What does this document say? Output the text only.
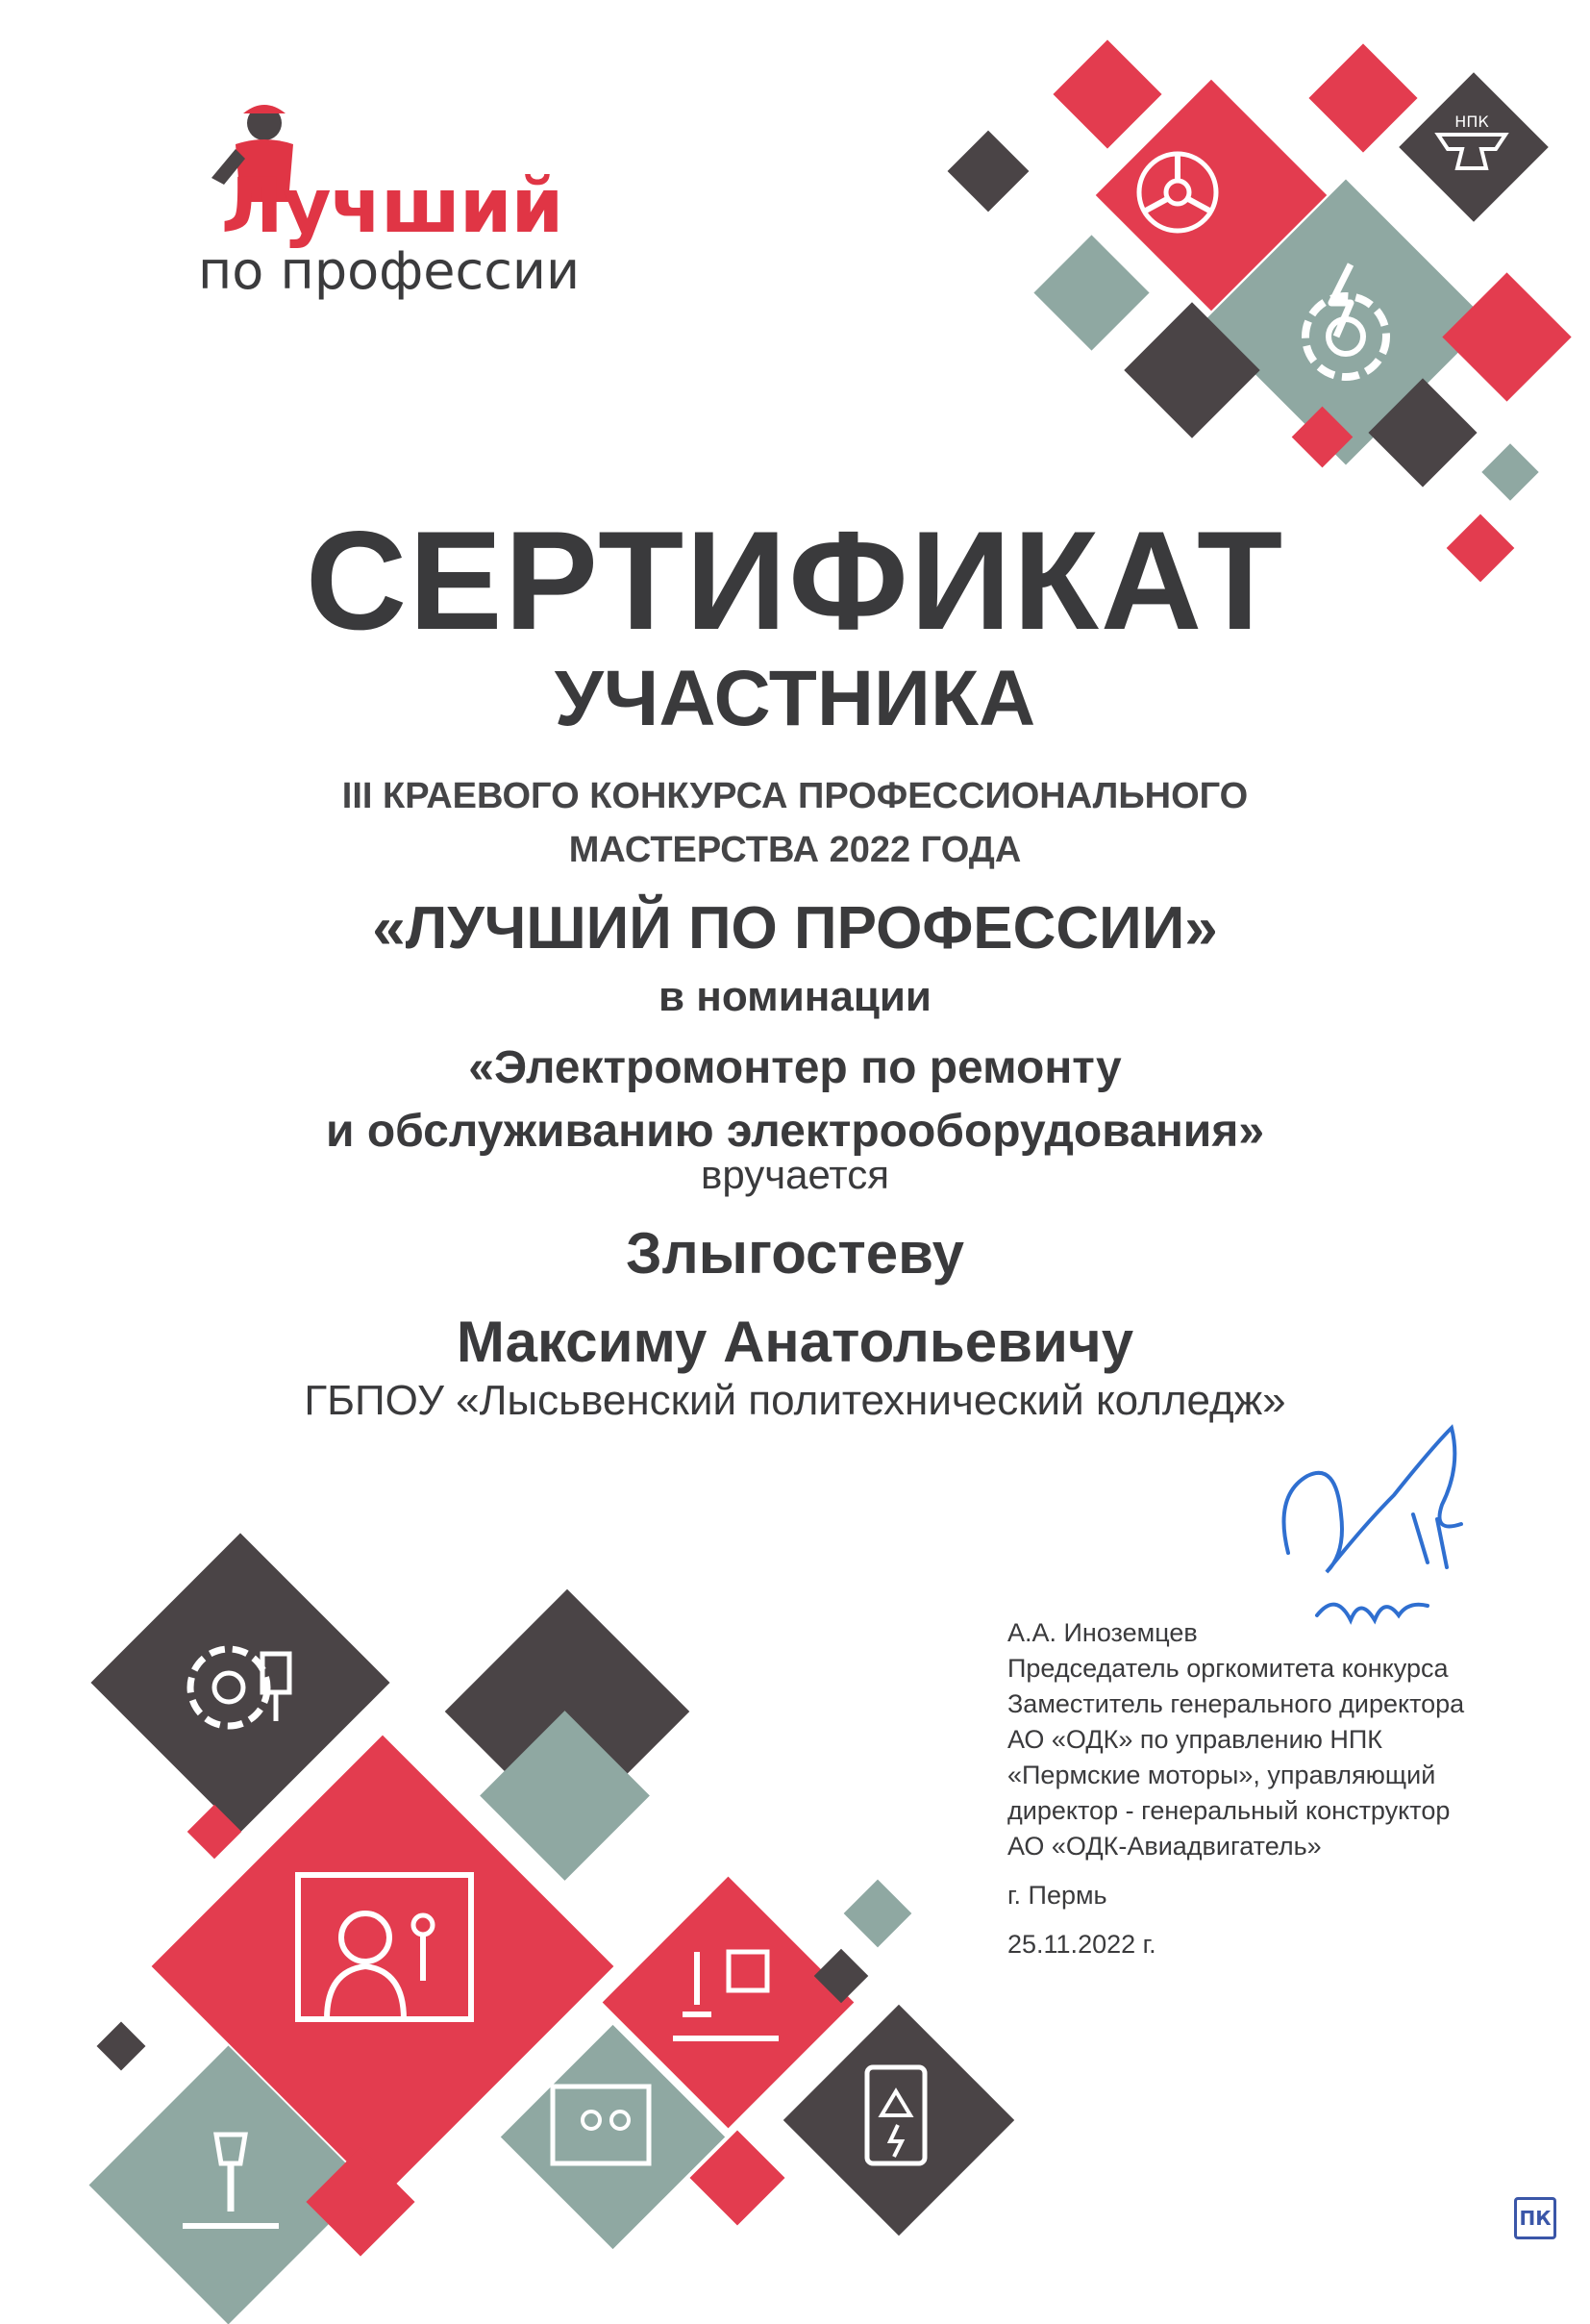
НПК
Лучший
по профессии
СЕРТИФИКАТ
УЧАСТНИКА
III КРАЕВОГО КОНКУРСА ПРОФЕССИОНАЛЬНОГО
МАСТЕРСТВА 2022 ГОДА
«ЛУЧШИЙ ПО ПРОФЕССИИ»
в номинации
«Электромонтер по ремонту
и обслуживанию электрооборудования»
вручается
Злыгостеву
Максиму Анатольевичу
ГБПОУ «Лысьвенский политехнический колледж»
А.А. Иноземцев
Председатель оргкомитета конкурса
Заместитель генерального директора
АО «ОДК» по управлению НПК
«Пермские моторы», управляющий
директор - генеральный конструктор
АО «ОДК-Авиадвигатель»
г. Пермь
25.11.2022 г.
ПК
